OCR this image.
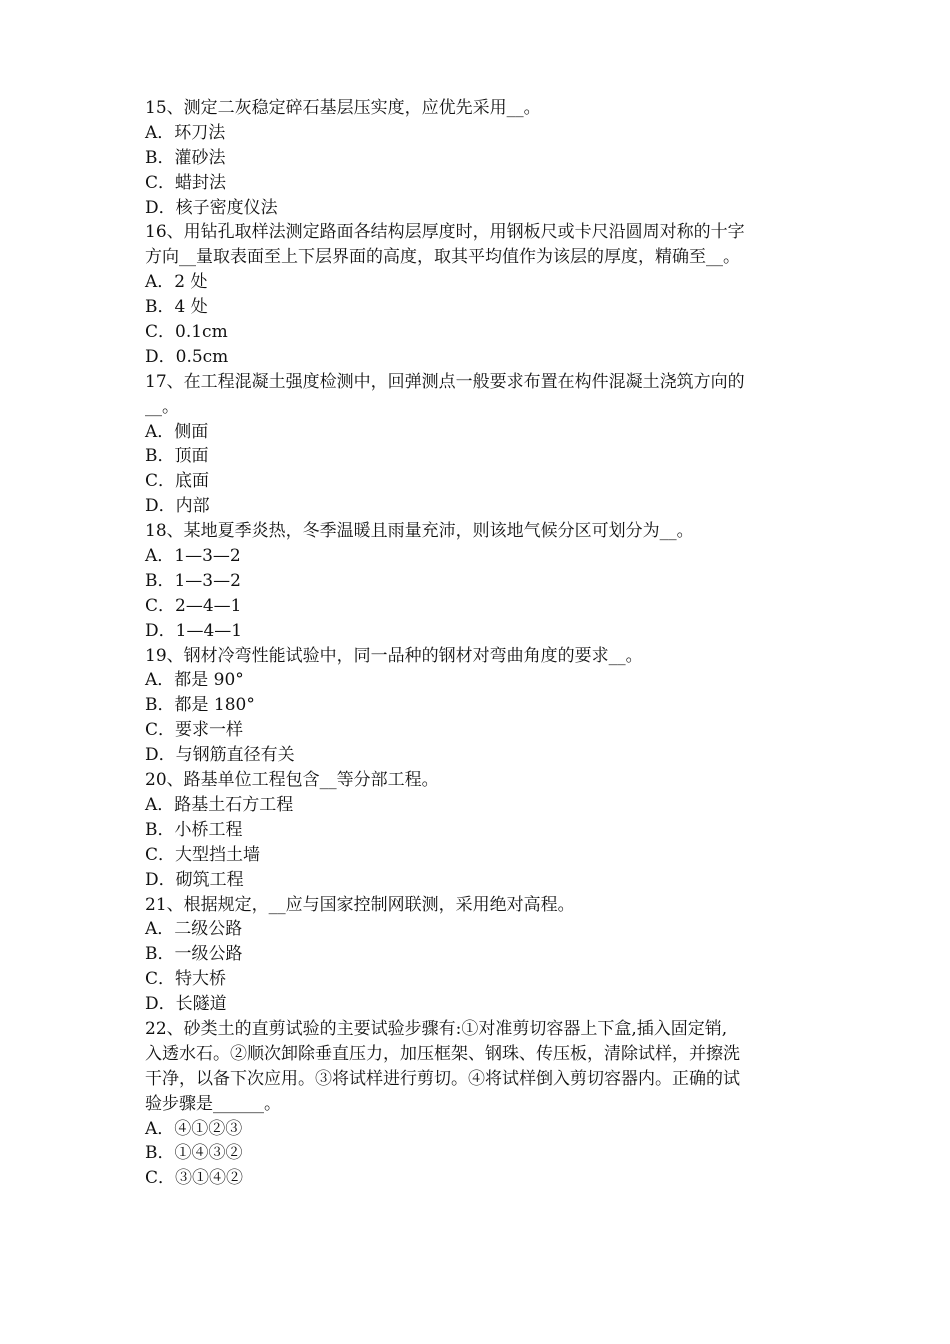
15、测定二灰稳定碎石基层压实度，应优先采用__。
A．环刀法
B．灌砂法
C．蜡封法
D．核子密度仪法
16、用钻孔取样法测定路面各结构层厚度时，用钢板尺或卡尺沿圆周对称的十字
方向__量取表面至上下层界面的高度，取其平均值作为该层的厚度，精确至__。
A．2 处
B．4 处
C．0.1cm
D．0.5cm
17、在工程混凝土强度检测中，回弹测点一般要求布置在构件混凝土浇筑方向的
__。
A．侧面
B．顶面
C．底面
D．内部
18、某地夏季炎热，冬季温暖且雨量充沛，则该地气候分区可划分为__。
A．1—3—2
B．1—3—2
C．2—4—1
D．1—4—1
19、钢材冷弯性能试验中，同一品种的钢材对弯曲角度的要求__。
A．都是 90°
B．都是 180°
C．要求一样
D．与钢筋直径有关
20、路基单位工程包含__等分部工程。
A．路基土石方工程
B．小桥工程
C．大型挡土墙
D．砌筑工程
21、根据规定，__应与国家控制网联测，采用绝对高程。
A．二级公路
B．一级公路
C．特大桥
D．长隧道
22、砂类土的直剪试验的主要试验步骤有:①对准剪切容器上下盒,插入固定销,
入透水石。②顺次卸除垂直压力，加压框架、钢珠、传压板，清除试样，并擦洗
干净，以备下次应用。③将试样进行剪切。④将试样倒入剪切容器内。正确的试
验步骤是______。
A．④①②③
B．①④③②
C．③①④②
